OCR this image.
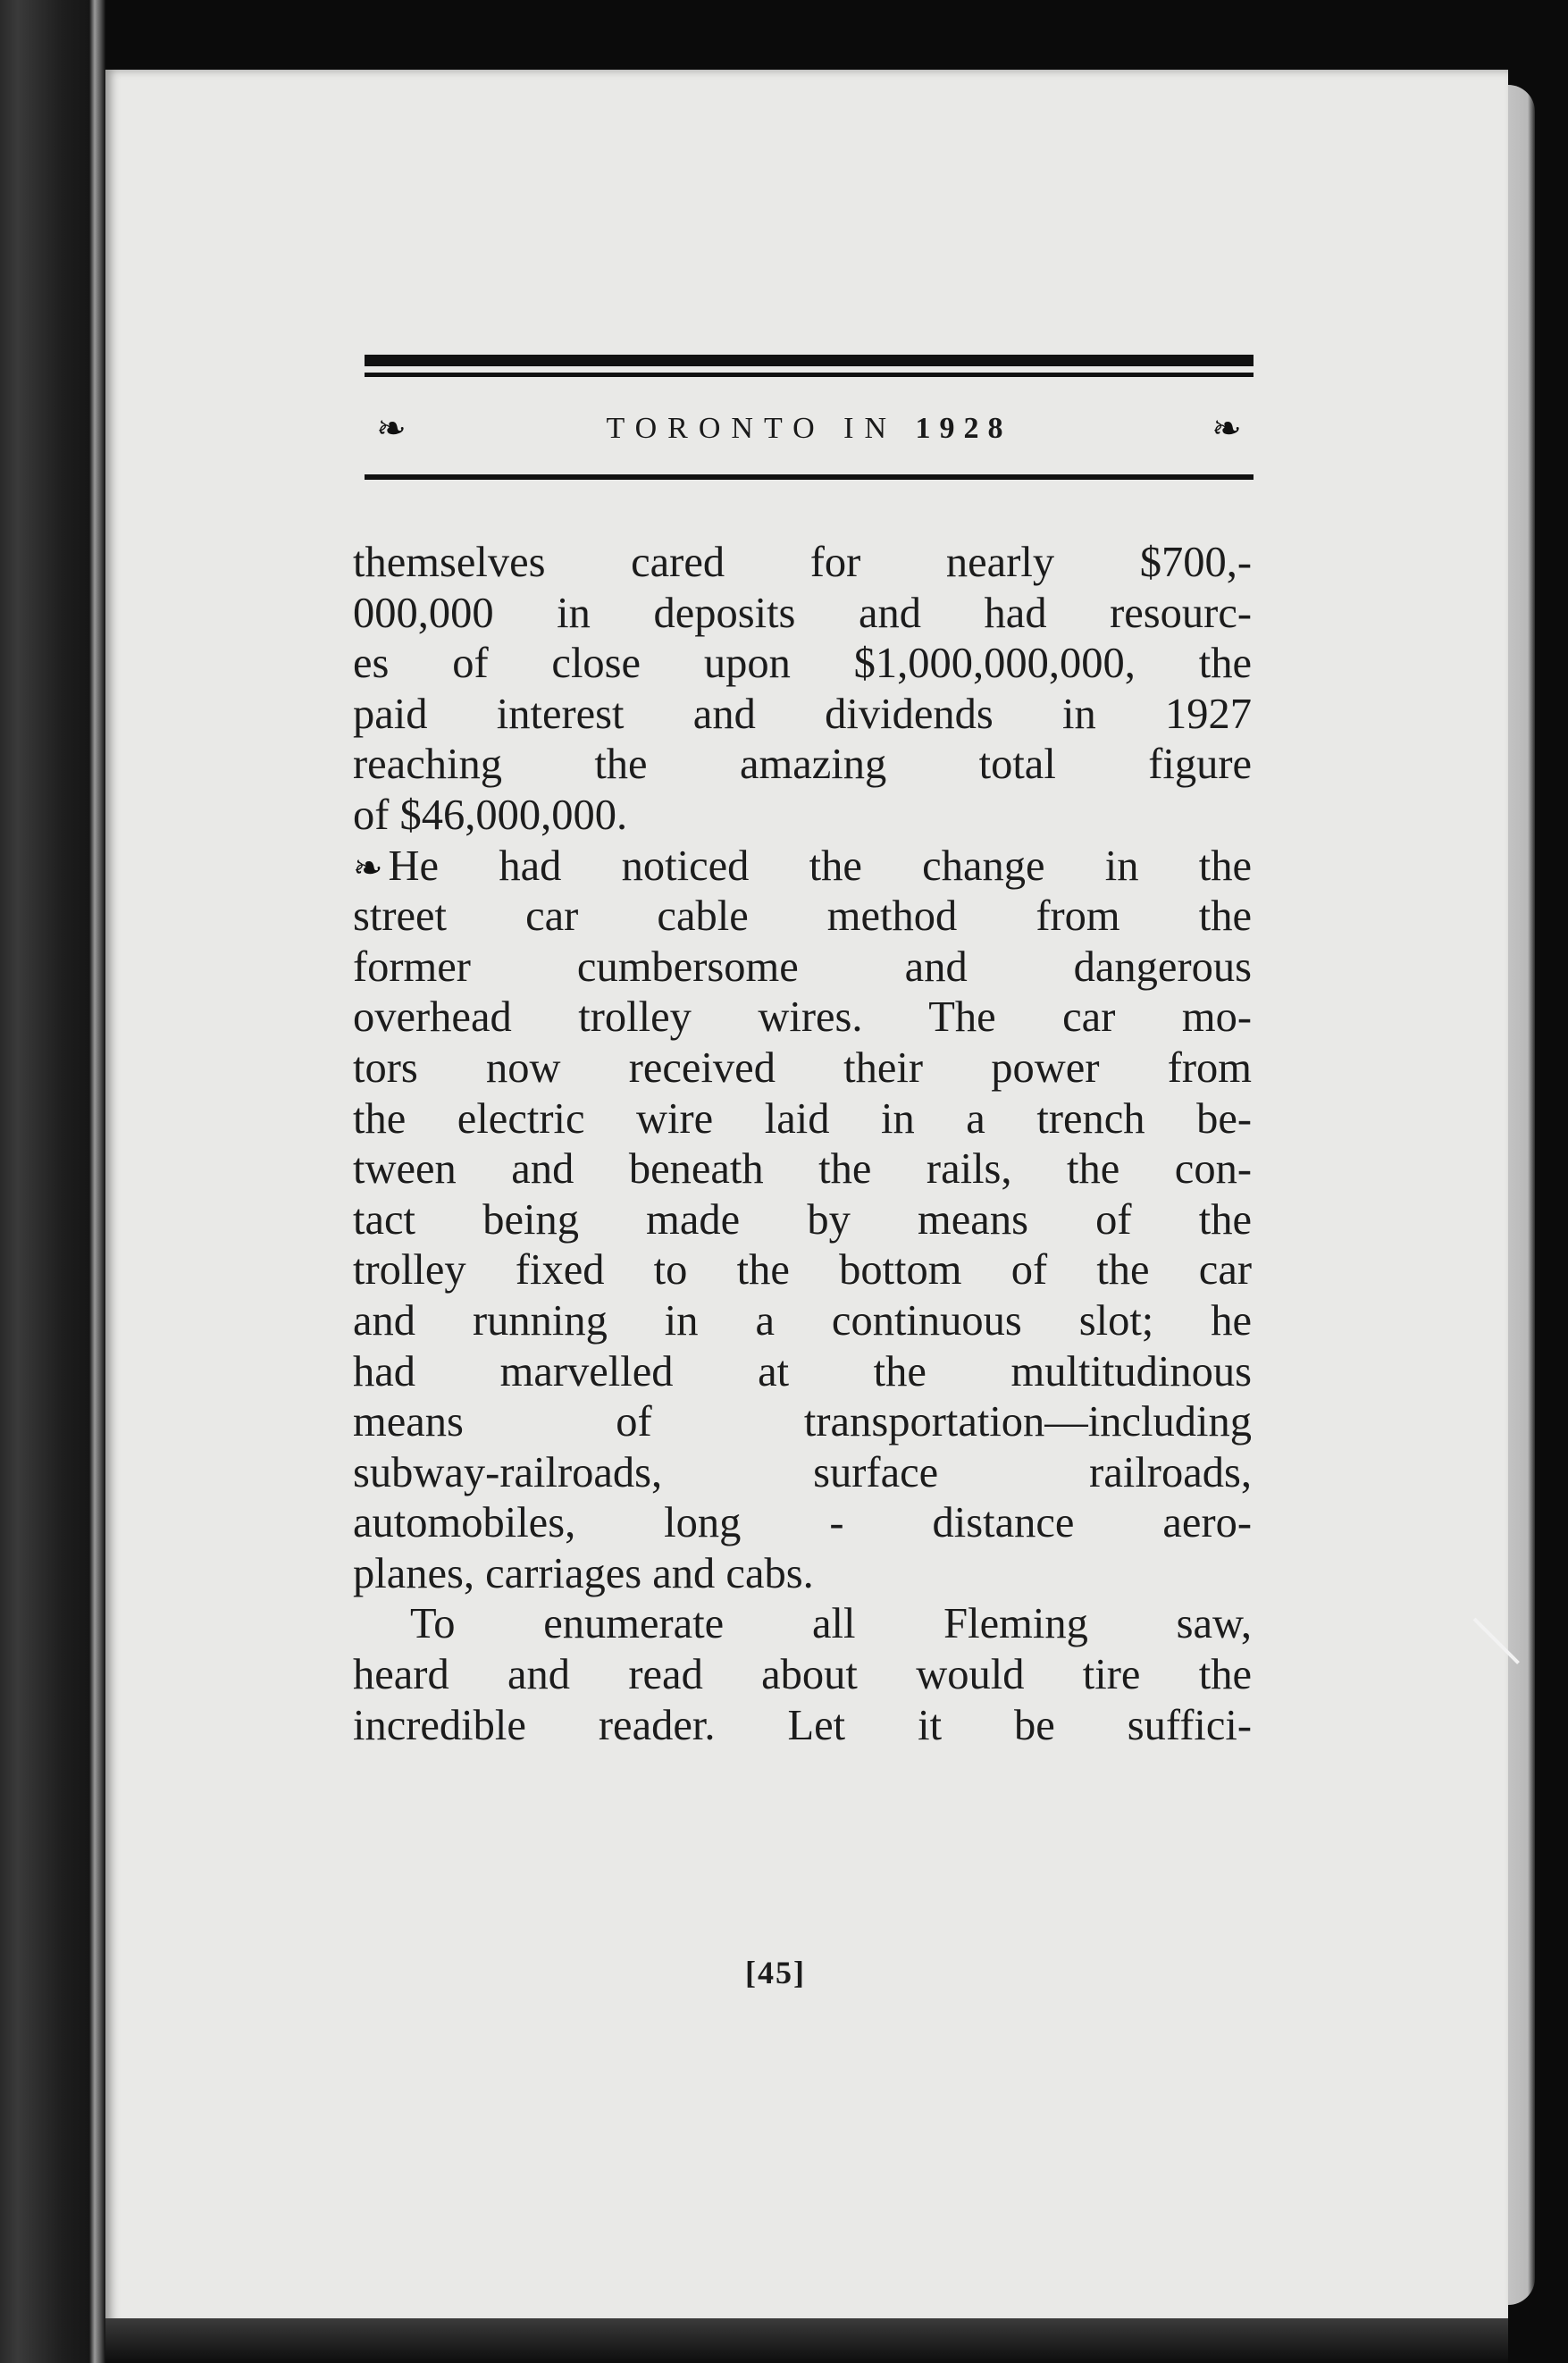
❧	TORONTO IN 1928	❧
themselves cared for nearly $700,-
000,000 in deposits and had resourc-
es of close upon $1,000,000,000, the
paid interest and dividends in 1927
reaching the amazing total figure
of $46,000,000.
❧ He had noticed the change in the
street car cable method from the
former cumbersome and dangerous
overhead trolley wires. The car mo-
tors now received their power from
the electric wire laid in a trench be-
tween and beneath the rails, the con-
tact being made by means of the
trolley fixed to the bottom of the car
and running in a continuous slot; he
had marvelled at the multitudinous
means of transportation—including
subway-railroads, surface railroads,
automobiles, long - distance aero-
planes, carriages and cabs.
To enumerate all Fleming saw,
heard and read about would tire the
incredible reader. Let it be suffici-
[45]
